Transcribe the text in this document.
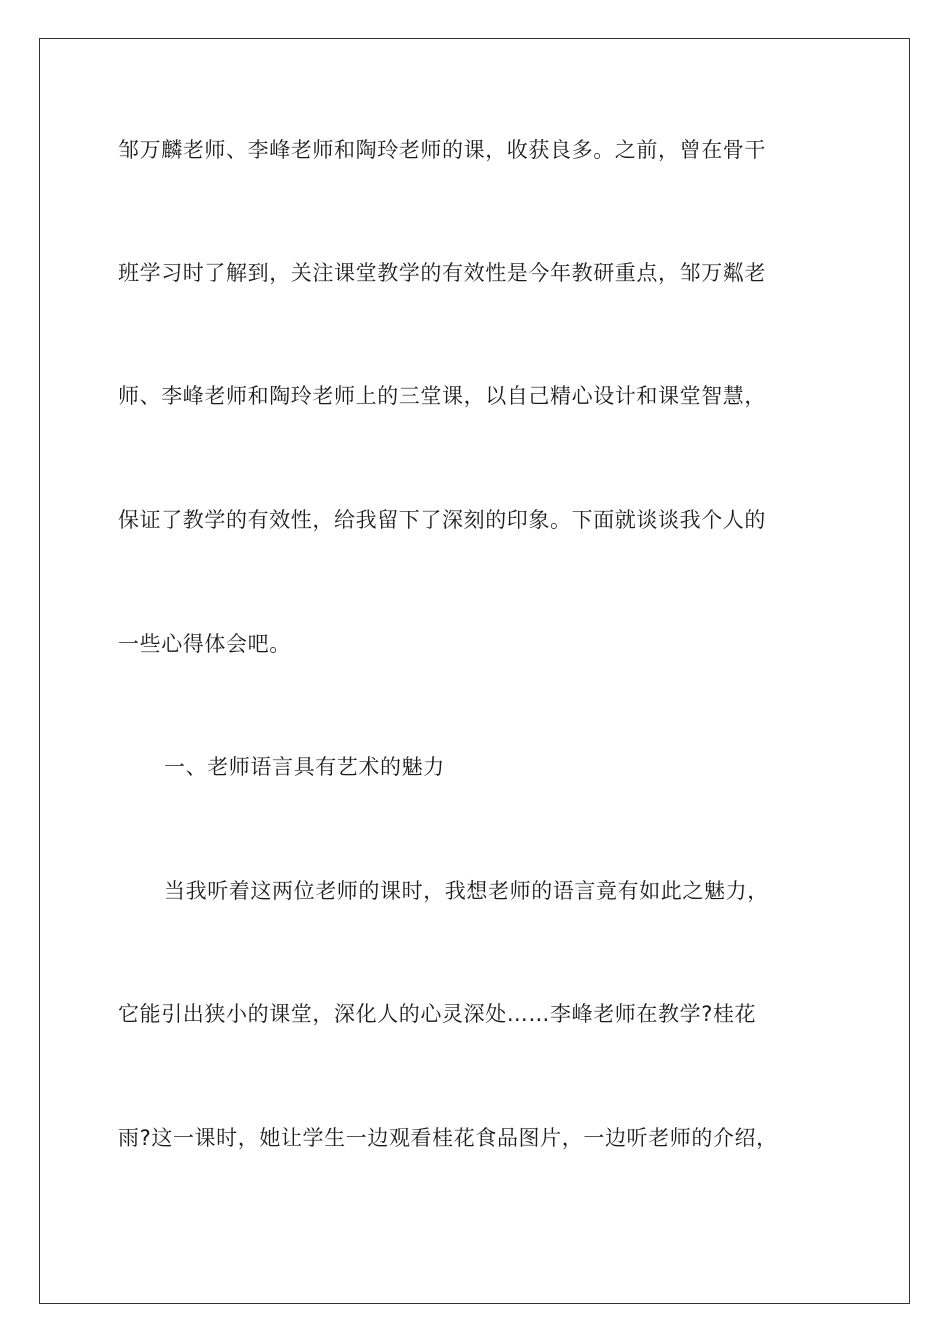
邹万麟老师、李峰老师和陶玲老师的课，收获良多。之前，曾在骨干
班学习时了解到，关注课堂教学的有效性是今年教研重点，邹万粼老
师、李峰老师和陶玲老师上的三堂课，以自己精心设计和课堂智慧，
保证了教学的有效性，给我留下了深刻的印象。下面就谈谈我个人的
一些心得体会吧。
一、老师语言具有艺术的魅力
当我听着这两位老师的课时，我想老师的语言竟有如此之魅力，
它能引出狭小的课堂，深化人的心灵深处……李峰老师在教学?桂花
雨?这一课时，她让学生一边观看桂花食品图片，一边听老师的介绍，
